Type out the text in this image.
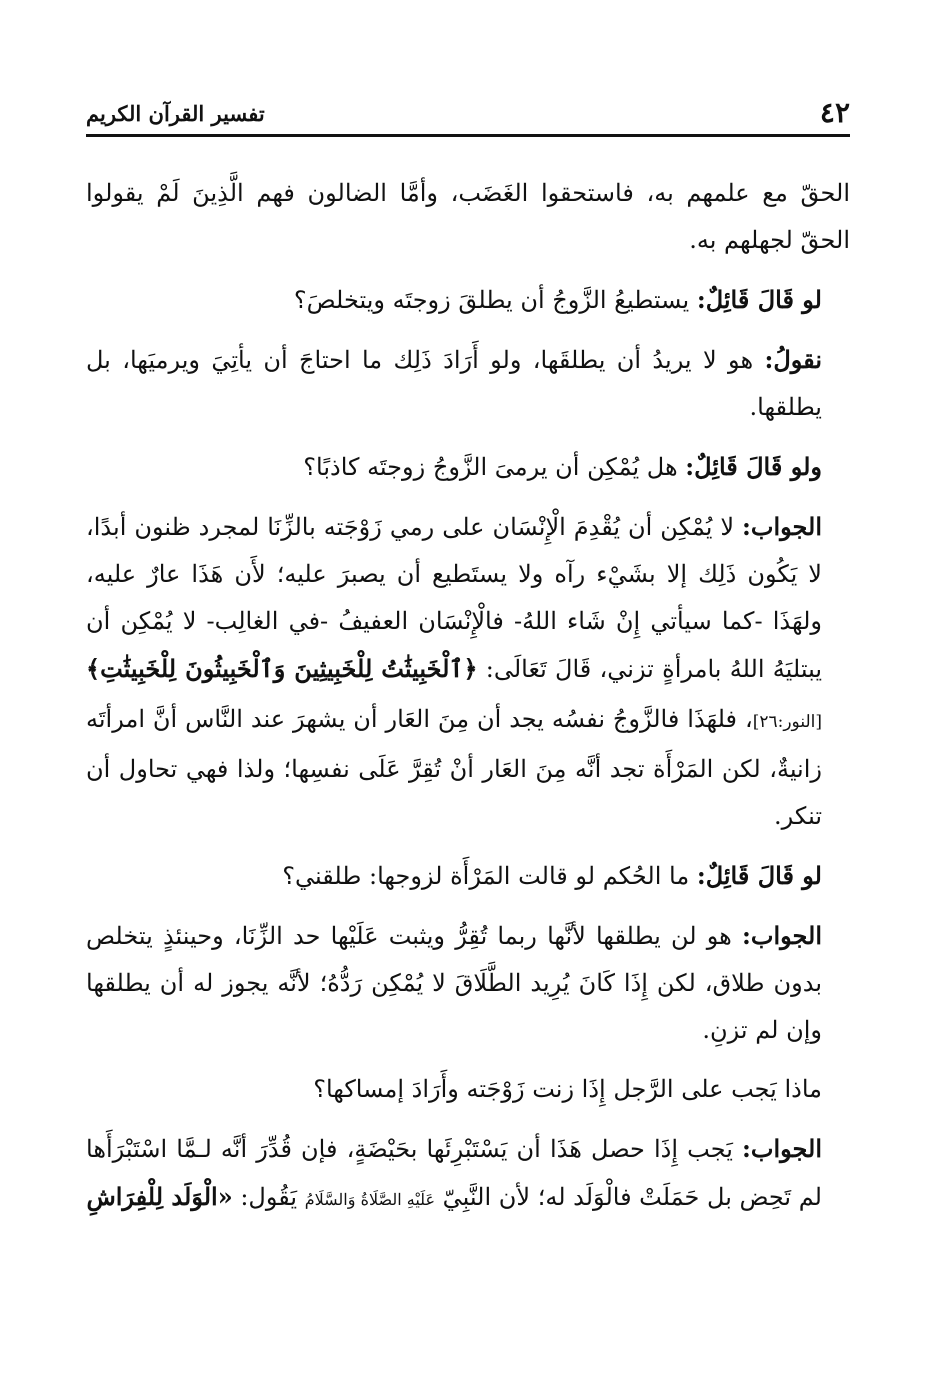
٤٢
تفسير القرآن الكريم

الحقّ مع علمهم به، فاستحقوا الغَضَب، وأمَّا الضالون فهم الَّذِينَ لَمْ يقولوا الحقّ لجهلهم به.

لو قَالَ قَائِلٌ: يستطيعُ الزَّوجُ أن يطلقَ زوجتَه ويتخلصَ؟

نقولُ: هو لا يريدُ أن يطلقَها، ولو أَرَادَ ذَلِك ما احتاجَ أن يأتِيَ ويرميَها، بل يطلقها.

ولو قَالَ قَائِلٌ: هل يُمْكِن أن يرمىَ الزَّوجُ زوجتَه كاذبًا؟

الجواب: لا يُمْكِن أن يُقْدِمَ الْإِنْسَان على رمي زَوْجَته بالزِّنَا لمجرد ظنون أبدًا، لا يَكُون ذَلِك إلا بشَيْء رآه ولا يستَطيع أن يصبرَ عليه؛ لأَن هَذَا عارٌ عليه، ولهَذَا -كما سيأتي إِنْ شَاء اللهُ- فالْإِنْسَان العفيفُ -في الغالِب- لا يُمْكِن أن يبتليَهُ اللهُ بامرأةٍ تزني، قَالَ تَعَالَى: ﴿ٱلْخَبِيثَٰتُ لِلْخَبِيثِينَ وَٱلْخَبِيثُونَ لِلْخَبِيثَٰتِ﴾ [النور:٢٦]، فلهَذَا فالزَّوجُ نفسُه يجد أن مِنَ العَار أن يشهرَ عند النَّاس أنَّ امرأتَه زانيةٌ، لكن المَرْأَة تجد أنَّه مِنَ العَار أنْ تُقِرَّ عَلَى نفسِها؛ ولذا فهي تحاول أن تنكر.

لو قَالَ قَائِلٌ: ما الحُكم لو قالت المَرْأَة لزوجها: طلقني؟

الجواب: هو لن يطلقها لأنَّها ربما تُقِرُّ ويثبت عَلَيْها حد الزِّنَا، وحينئذٍ يتخلص بدون طلاق، لكن إِذَا كَانَ يُرِيد الطَّلَاقَ لا يُمْكِن رَدُّهُ؛ لأنَّه يجوز له أن يطلقها وإن لم تزنِ.

ماذا يَجب على الرَّجل إِذَا زنت زَوْجَته وأَرَادَ إمساكها؟

الجواب: يَجب إِذَا حصل هَذَا أن يَسْتَبْرِئَها بحَيْضَةٍ، فإن قُدِّرَ أنَّه لـمَّا اسْتَبْرَأَها لم تَحِض بل حَمَلَتْ فالْوَلَد له؛ لأن النَّبِيّ عَلَيْهِ الصَّلَاةُ وَالسَّلَامُ يَقُول: «الْوَلَد لِلْفِرَاشِ
